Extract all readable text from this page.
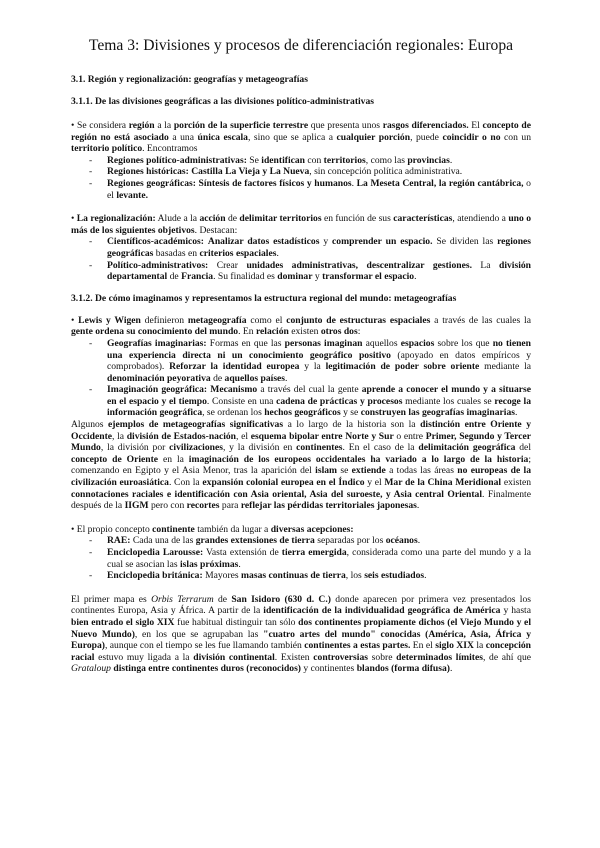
Tema 3: Divisiones y procesos de diferenciación regionales: Europa

3.1. Región y regionalización: geografías y metageografías

3.1.1. De las divisiones geográficas a las divisiones político-administrativas

• Se considera región a la porción de la superficie terrestre que presenta unos rasgos diferenciados. El concepto de región no está asociado a una única escala, sino que se aplica a cualquier porción, puede coincidir o no con un territorio político. Encontramos

- Regiones político-administrativas: Se identifican con territorios, como las provincias.
- Regiones históricas: Castilla La Vieja y La Nueva, sin concepción política administrativa.
- Regiones geográficas: Síntesis de factores físicos y humanos. La Meseta Central, la región cantábrica, o el levante.

• La regionalización: Alude a la acción de delimitar territorios en función de sus características, atendiendo a uno o más de los siguientes objetivos. Destacan:

- Científicos-académicos: Analizar datos estadísticos y comprender un espacio. Se dividen las regiones geográficas basadas en criterios espaciales.
- Político-administrativos: Crear unidades administrativas, descentralizar gestiones. La división departamental de Francia. Su finalidad es dominar y transformar el espacio.

3.1.2. De cómo imaginamos y representamos la estructura regional del mundo: metageografías

• Lewis y Wigen definieron metageografía como el conjunto de estructuras espaciales a través de las cuales la gente ordena su conocimiento del mundo. En relación existen otros dos:

- Geografías imaginarias: Formas en que las personas imaginan aquellos espacios sobre los que no tienen una experiencia directa ni un conocimiento geográfico positivo (apoyado en datos empíricos y comprobados). Reforzar la identidad europea y la legitimación de poder sobre oriente mediante la denominación peyorativa de aquellos países.
- Imaginación geográfica: Mecanismo a través del cual la gente aprende a conocer el mundo y a situarse en el espacio y el tiempo. Consiste en una cadena de prácticas y procesos mediante los cuales se recoge la información geográfica, se ordenan los hechos geográficos y se construyen las geografías imaginarias.

Algunos ejemplos de metageografías significativas a lo largo de la historia son la distinción entre Oriente y Occidente, la división de Estados-nación, el esquema bipolar entre Norte y Sur o entre Primer, Segundo y Tercer Mundo, la división por civilizaciones, y la división en continentes. En el caso de la delimitación geográfica del concepto de Oriente en la imaginación de los europeos occidentales ha variado a lo largo de la historia; comenzando en Egipto y el Asia Menor, tras la aparición del islam se extiende a todas las áreas no europeas de la civilización euroasiática. Con la expansión colonial europea en el Índico y el Mar de la China Meridional existen connotaciones raciales e identificación con Asia oriental, Asia del suroeste, y Asia central Oriental. Finalmente después de la IIGM pero con recortes para reflejar las pérdidas territoriales japonesas.

• El propio concepto continente también da lugar a diversas acepciones:

- RAE: Cada una de las grandes extensiones de tierra separadas por los océanos.
- Enciclopedia Larousse: Vasta extensión de tierra emergida, considerada como una parte del mundo y a la cual se asocian las islas próximas.
- Enciclopedia británica: Mayores masas continuas de tierra, los seis estudiados.

El primer mapa es Orbis Terrarum de San Isidoro (630 d. C.) donde aparecen por primera vez presentados los continentes Europa, Asia y África. A partir de la identificación de la individualidad geográfica de América y hasta bien entrado el siglo XIX fue habitual distinguir tan sólo dos continentes propiamente dichos (el Viejo Mundo y el Nuevo Mundo), en los que se agrupaban las "cuatro artes del mundo" conocidas (América, Asia, África y Europa), aunque con el tiempo se les fue llamando también continentes a estas partes. En el siglo XIX la concepción racial estuvo muy ligada a la división continental. Existen controversias sobre determinados límites, de ahí que Grataloup distinga entre continentes duros (reconocidos) y continentes blandos (forma difusa).
